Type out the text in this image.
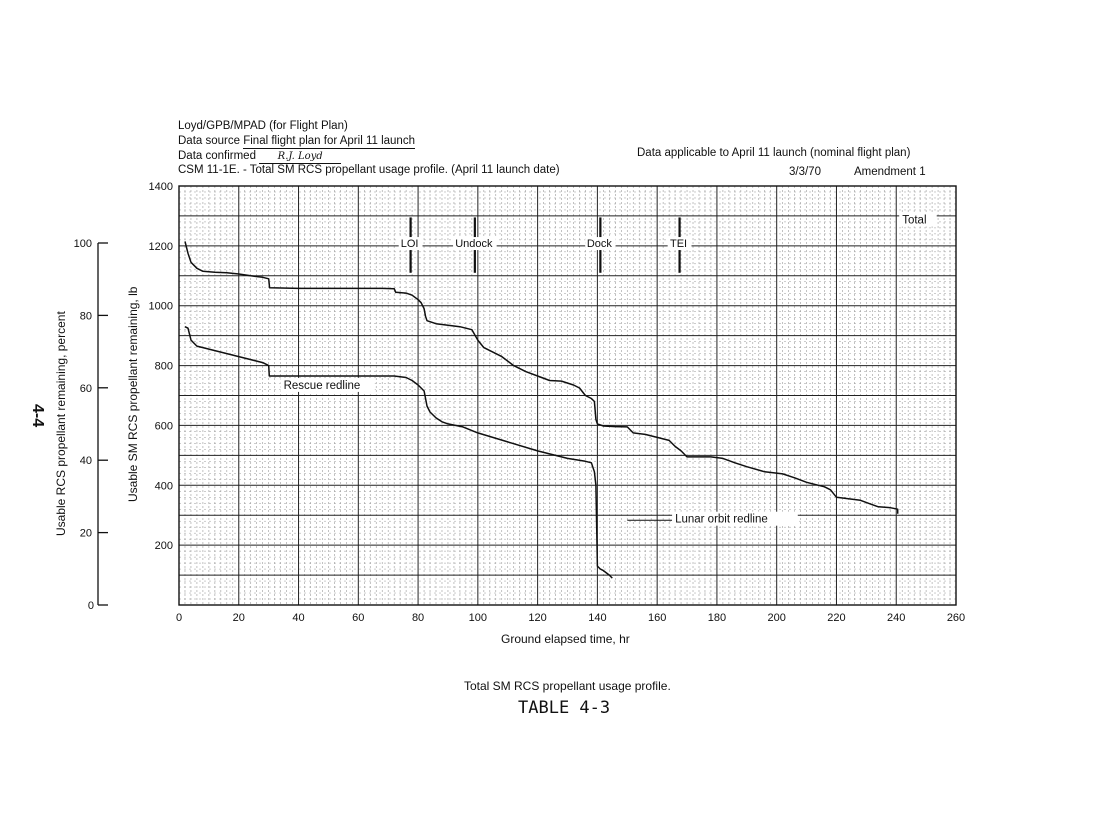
Loyd/GPB/MPAD (for Flight Plan)
Data source Final flight plan for April 11 launch
Data confirmed R.J. Loyd
CSM 11-1E. - Total SM RCS propellant usage profile. (April 11 launch date)
Data applicable to April 11 launch (nominal flight plan)
3/3/70	Amendment 1
4-4 Usable RCS propellant remaining, percent	Usable SM RCS propellant remaining, lb
0
20
40
60
80
100
200
400
600
800
1000
1200
1400
0	20	40	60	80	100	120	140	160	180	200	220	240	260
LOI	Undock	Dock	TEI
Total
Rescue redline
Lunar orbit redline
Ground elapsed time, hr
Total SM RCS propellant usage profile.
TABLE 4-3
